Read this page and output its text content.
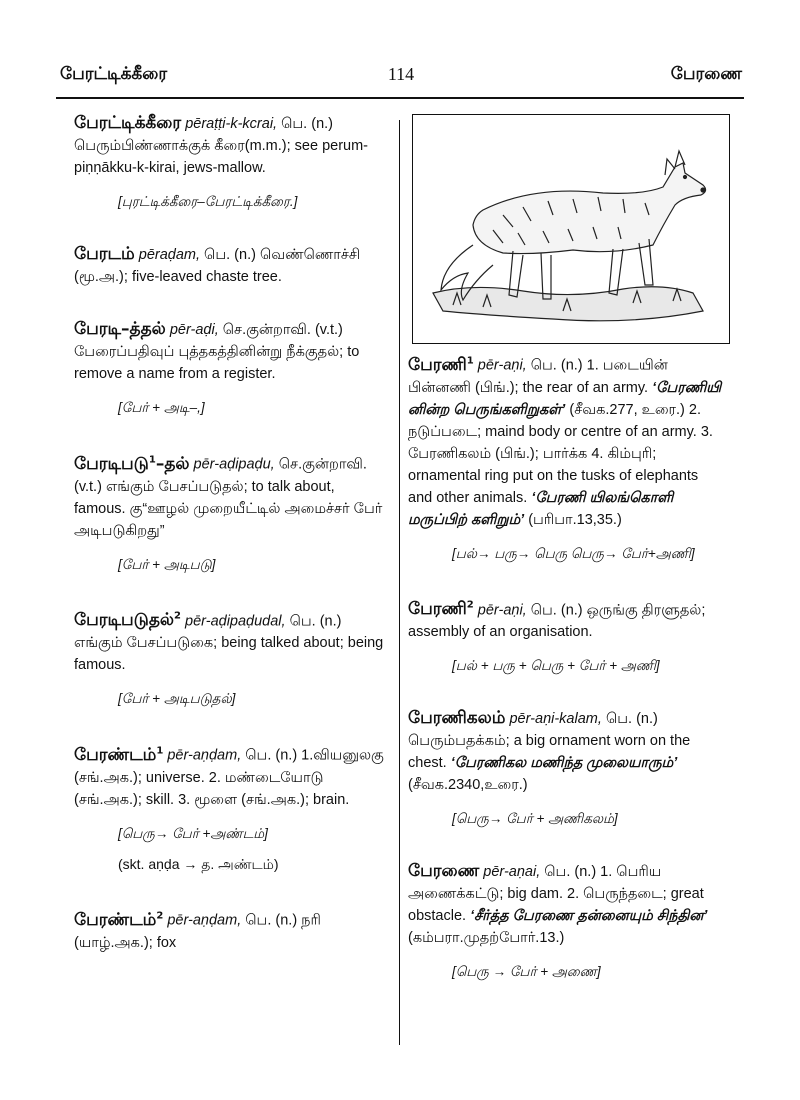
பேரட்டிக்கீரை	114	பேரணை

பேரட்டிக்கீரை pēraṭṭi-k-kcrai, பெ. (n.) பெரும்பிண்ணாக்குக் கீரை(m.m.); see perum-piṇṇākku-k-kirai, jews-mallow.

[புரட்டிக்கீரை–பேரட்டிக்கீரை.]

பேரடம் pēraḍam, பெ. (n.) வெண்ணொச்சி (மூ.அ.); five-leaved chaste tree.

பேரடி–த்தல் pēr-aḍi, செ.குன்றாவி. (v.t.) பேரைப்பதிவுப் புத்தகத்தினின்று நீக்குதல்; to remove a name from a register.

[பேர் + அடி–,]

பேரடிபடு$^1$–தல் pēr-aḍipaḍu, செ.குன்றாவி. (v.t.) எங்கும் பேசப்படுதல்; to talk about, famous. கு“ஊழல் முறையீட்டில் அமைச்சர் பேர் அடிபடுகிறது”

[பேர் + அடிபடு]

பேரடிபடுதல்$^2$ pēr-aḍipaḍudal, பெ. (n.) எங்கும் பேசப்படுகை; being talked about; being famous.

[பேர் + அடிபடுதல்]

பேரண்டம்$^1$ pēr-aṇḍam, பெ. (n.) 1.வியனுலகு (சங்.அக.); universe. 2. மண்டையோடு (சங்.அக.); skill. 3. மூளை (சங்.அக.); brain.

[பெரு→ பேர் +அண்டம்]

(skt. aṇḍa → த. அண்டம்)

பேரண்டம்$^2$ pēr-aṇḍam, பெ. (n.) நரி (யாழ்.அக.); fox

பேரணி$^1$ pēr-aṇi, பெ. (n.) 1. படையின் பின்னணி (பிங்.); the rear of an army. ‘பேரணியி னின்ற பெருங்களிறுகள்’ (சீவக.277, உரை.) 2. நடுப்படை; maind body or centre of an army. 3. பேரணிகலம் (பிங்.); பார்க்க 4. கிம்புரி; ornamental ring put on the tusks of elephants and other animals. ‘பேரணி யிலங்கொளி மருப்பிற் களிறும்’ (பரிபா.13,35.)

[பல்→ பரு→ பெரு பெரு→ பேர்+அணி]

பேரணி$^2$ pēr-aṇi, பெ. (n.) ஒருங்கு திரளுதல்; assembly of an organisation.

[பல் + பரு + பெரு + பேர் + அணி]

பேரணிகலம் pēr-aṇi-kalam, பெ. (n.) பெரும்பதக்கம்; a big ornament worn on the chest. ‘பேரணிகல மணிந்த முலையாரும்’ (சீவக.2340,உரை.)

[பெரு→ பேர் + அணிகலம்]

பேரணை pēr-aṇai, பெ. (n.) 1. பெரிய அணைக்கட்டு; big dam. 2. பெருந்தடை; great obstacle. ‘சீர்த்த பேரணை தன்னையும் சிந்தின’ (கம்பரா.முதற்போர்.13.)

[பெரு → பேர் + அணை]
